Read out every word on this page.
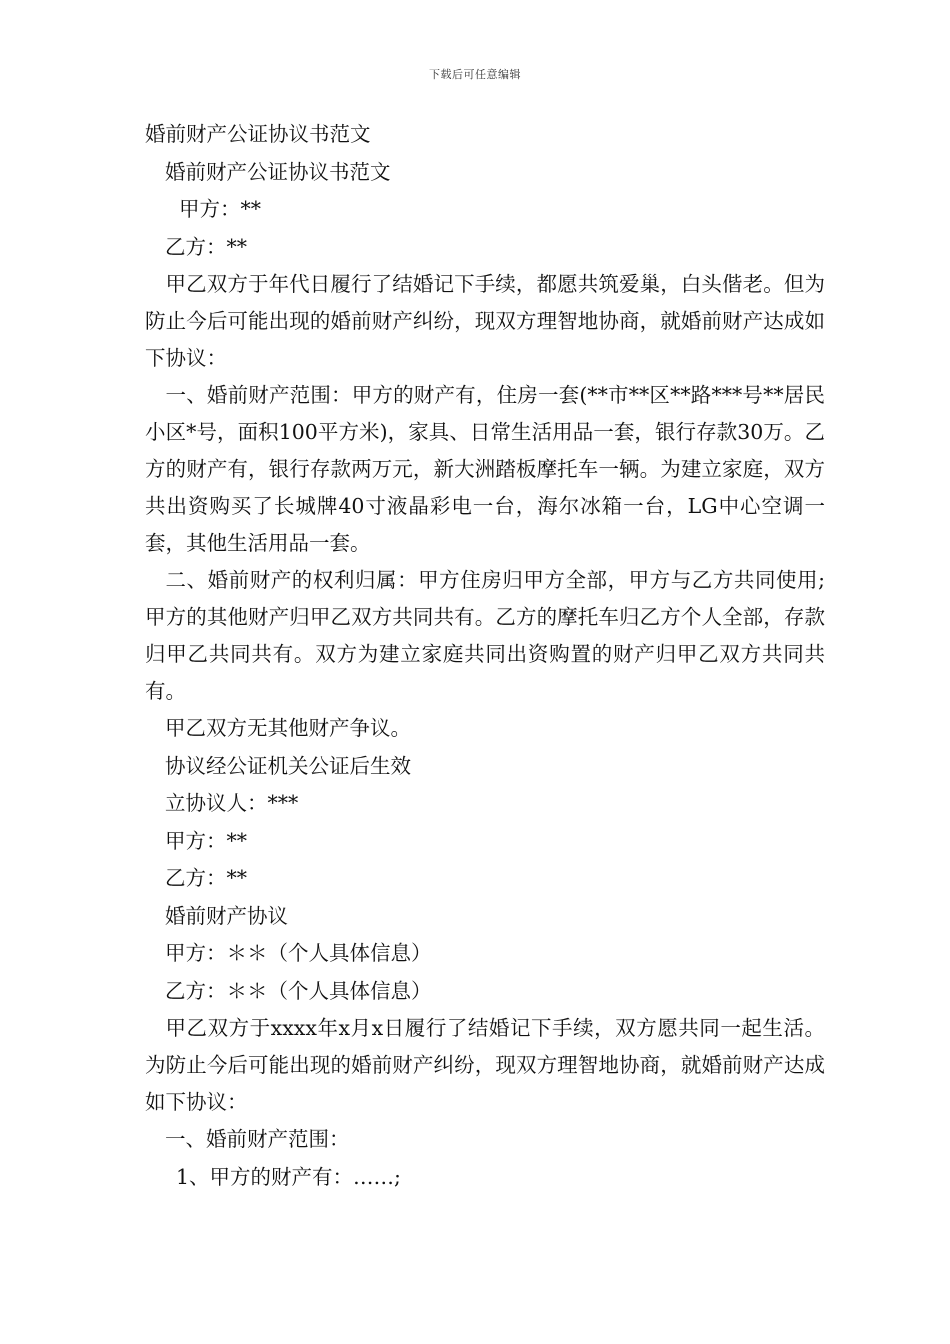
下载后可任意编辑

婚前财产公证协议书范文

婚前财产公证协议书范文

甲方：**

乙方：**

甲乙双方于年代日履行了结婚记下手续，都愿共筑爱巢，白头偕老。但为防止今后可能出现的婚前财产纠纷，现双方理智地协商，就婚前财产达成如下协议：

一、婚前财产范围：甲方的财产有，住房一套(**市**区**路***号**居民小区*号，面积100平方米)，家具、日常生活用品一套，银行存款30万。乙方的财产有，银行存款两万元，新大洲踏板摩托车一辆。为建立家庭，双方共出资购买了长城牌40寸液晶彩电一台，海尔冰箱一台，LG中心空调一套，其他生活用品一套。

二、婚前财产的权利归属：甲方住房归甲方全部，甲方与乙方共同使用;甲方的其他财产归甲乙双方共同共有。乙方的摩托车归乙方个人全部，存款归甲乙共同共有。双方为建立家庭共同出资购置的财产归甲乙双方共同共有。

甲乙双方无其他财产争议。

协议经公证机关公证后生效

立协议人：***

甲方：**

乙方：**

婚前财产协议

甲方：＊＊（个人具体信息）

乙方：＊＊（个人具体信息）

甲乙双方于xxxx年x月x日履行了结婚记下手续，双方愿共同一起生活。为防止今后可能出现的婚前财产纠纷，现双方理智地协商，就婚前财产达成如下协议：

一、婚前财产范围：

1、甲方的财产有：……;
